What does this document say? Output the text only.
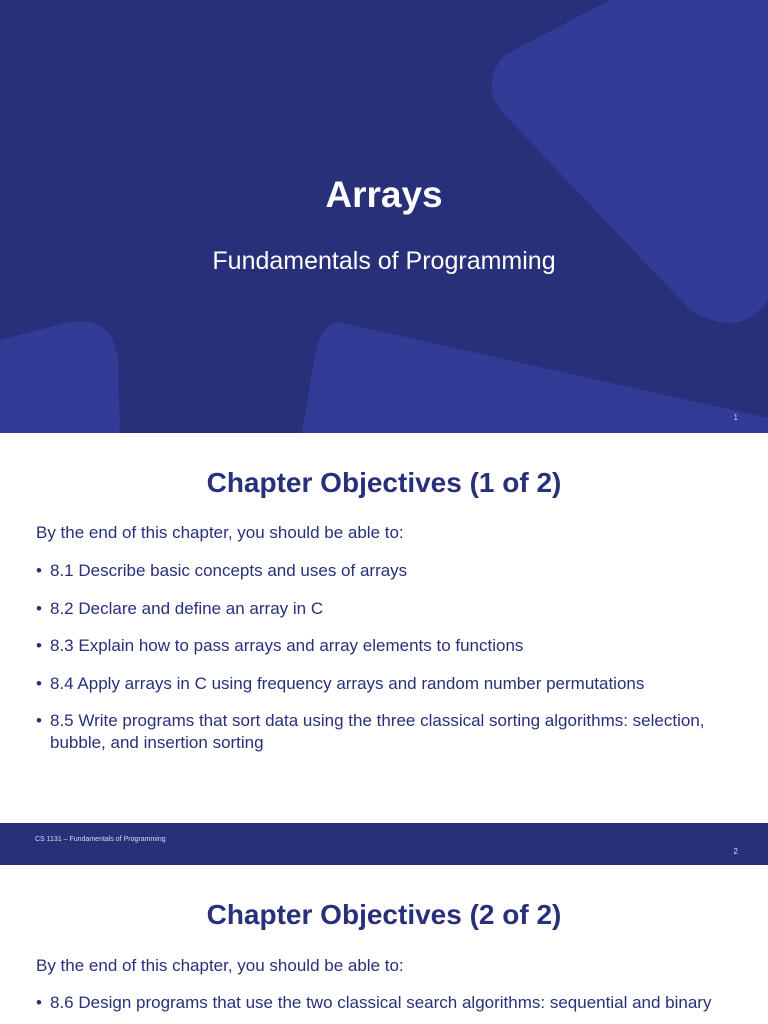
Arrays
Fundamentals of Programming
1
Chapter Objectives (1 of 2)
By the end of this chapter, you should be able to:
• 8.1 Describe basic concepts and uses of arrays
• 8.2 Declare and define an array in C
• 8.3 Explain how to pass arrays and array elements to functions
• 8.4 Apply arrays in C using frequency arrays and random number permutations
• 8.5 Write programs that sort data using the three classical sorting algorithms: selection, bubble, and insertion sorting
CS 1131 – Fundamentals of Programming
2
Chapter Objectives (2 of 2)
By the end of this chapter, you should be able to:
• 8.6 Design programs that use the two classical search algorithms: sequential and binary
